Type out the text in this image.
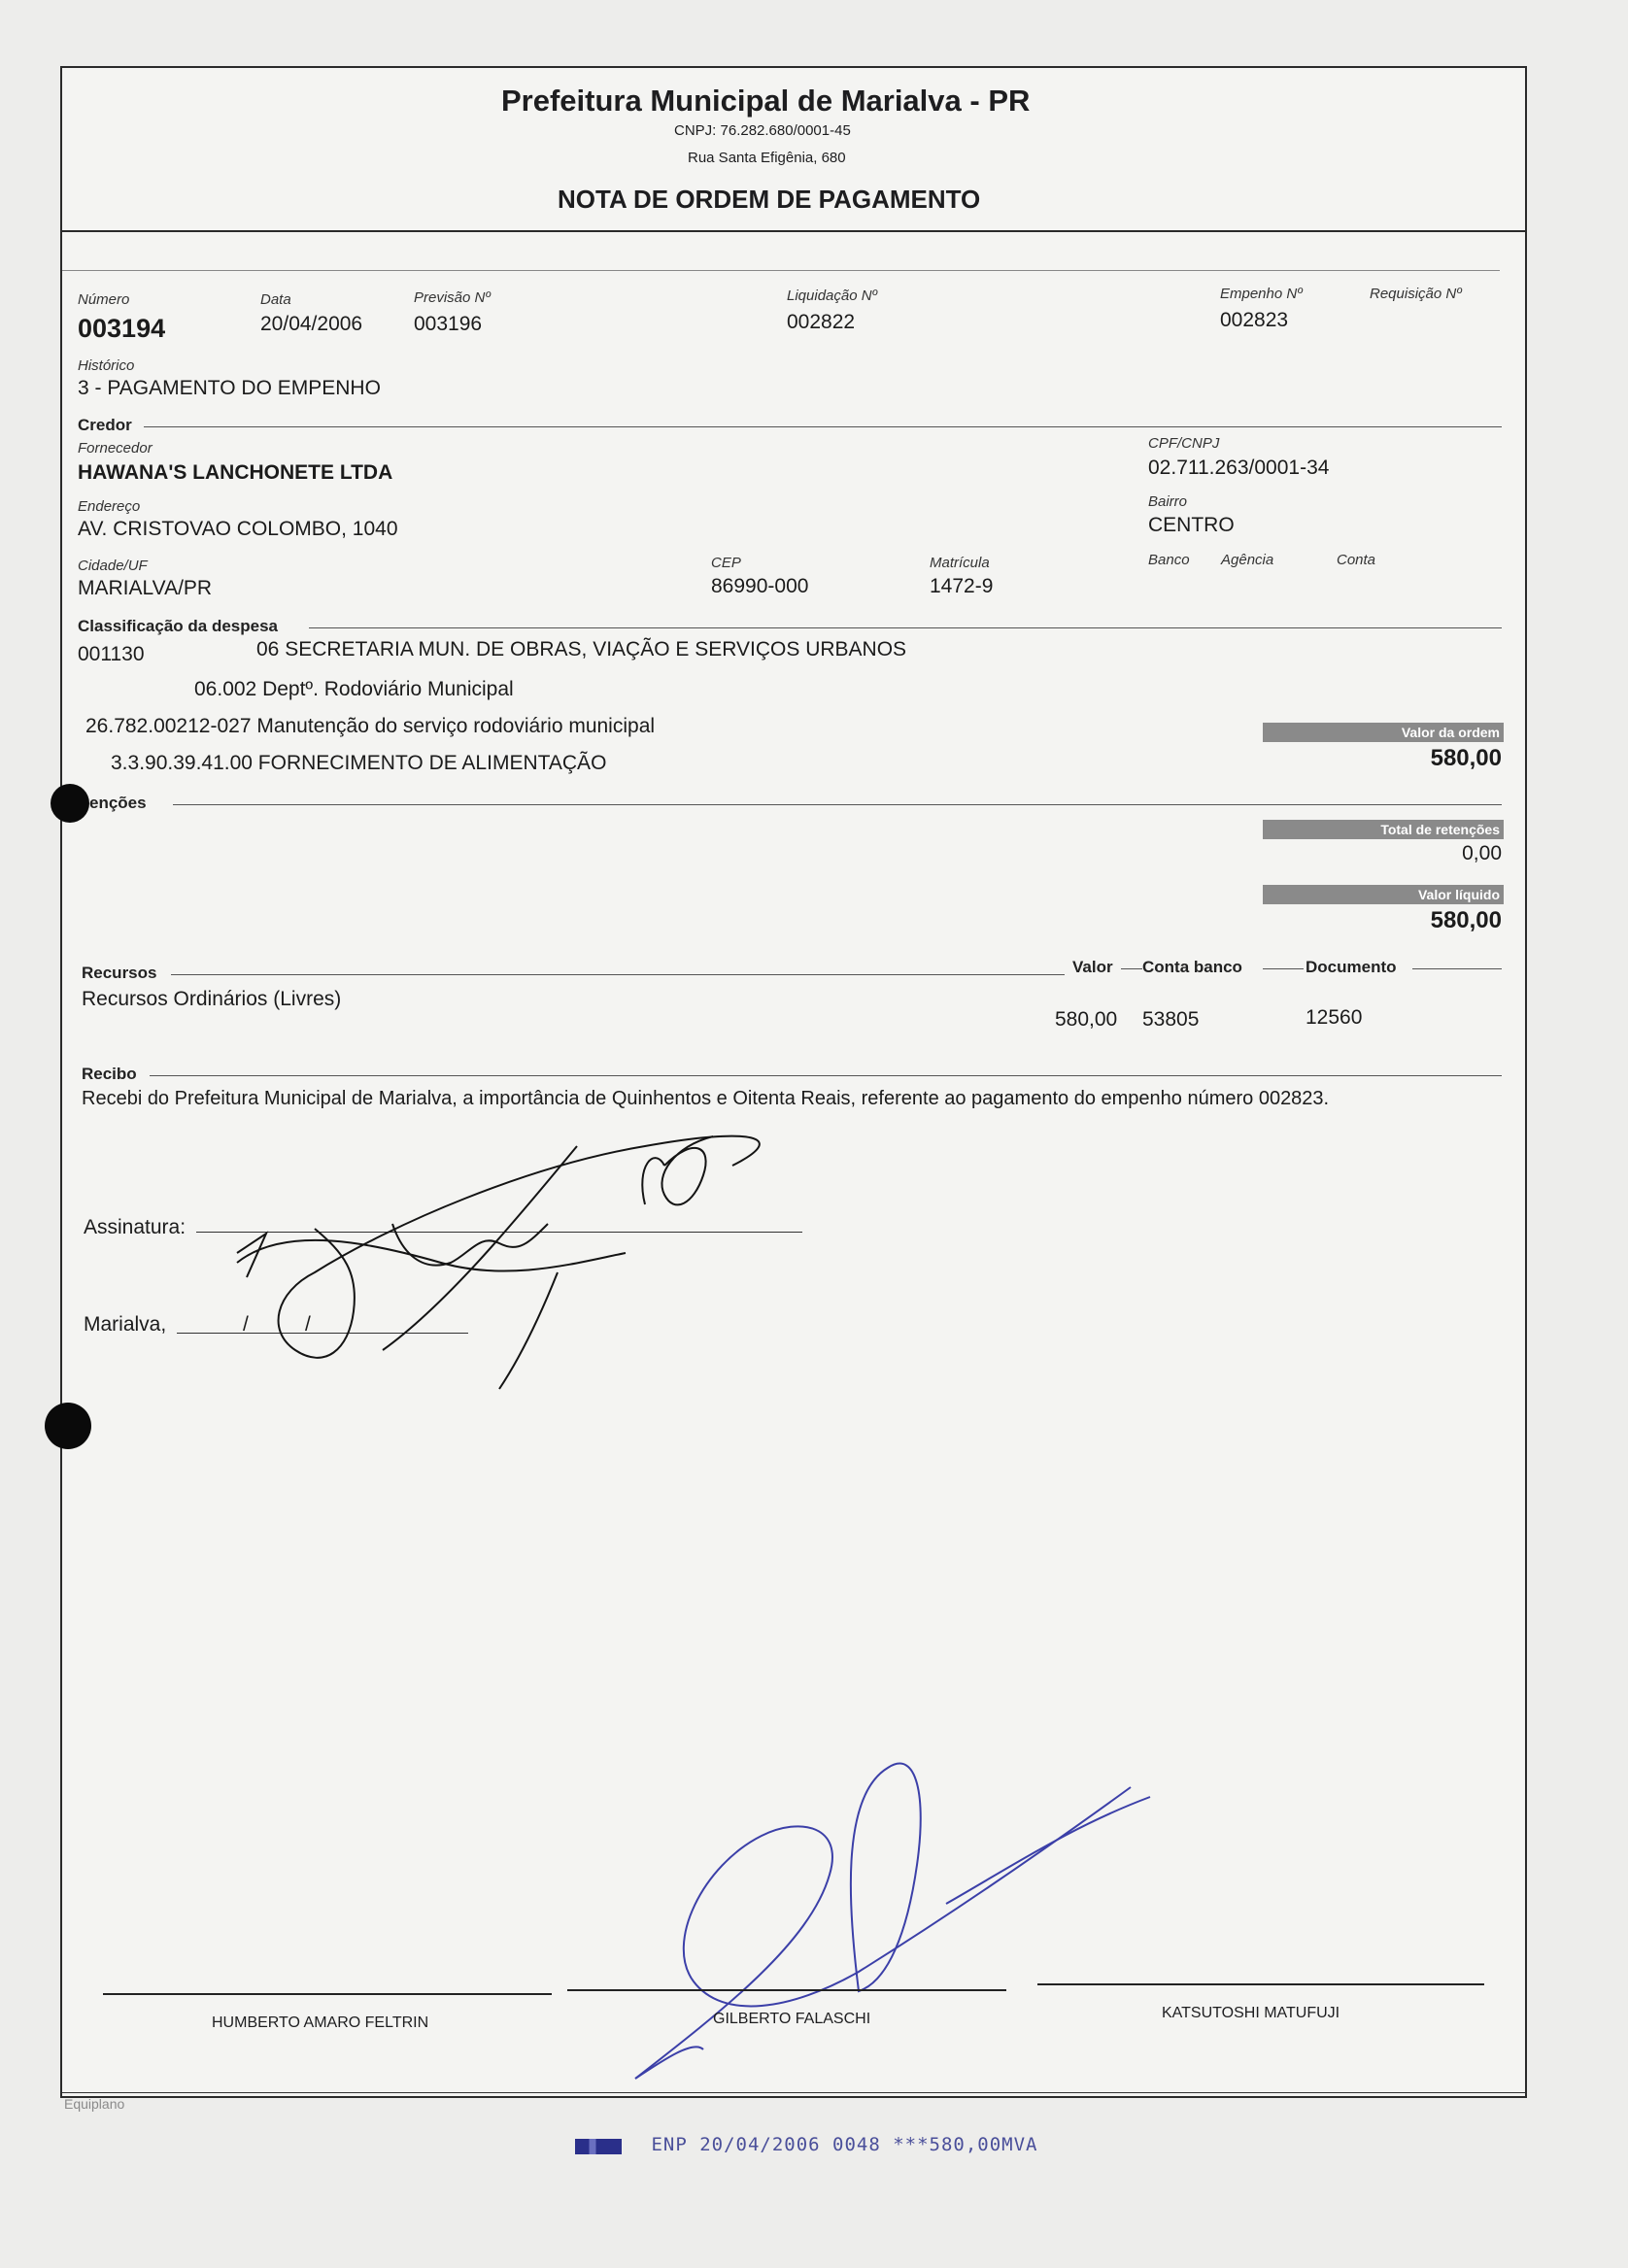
Prefeitura Municipal de Marialva - PR
CNPJ: 76.282.680/0001-45
Rua Santa Efigênia, 680
NOTA DE ORDEM DE PAGAMENTO
Número
003194
Data
20/04/2006
Previsão Nº
003196
Liquidação Nº
002822
Empenho Nº
002823
Requisição Nº
Histórico
3 - PAGAMENTO DO EMPENHO
Credor
Fornecedor
HAWANA'S LANCHONETE LTDA
CPF/CNPJ
02.711.263/0001-34
Endereço
AV. CRISTOVAO COLOMBO, 1040
Bairro
CENTRO
Cidade/UF
MARIALVA/PR
CEP
86990-000
Matrícula
1472-9
Banco Agência	Conta
Classificação da despesa
001130	06 SECRETARIA MUN. DE OBRAS, VIAÇÃO E SERVIÇOS URBANOS
06.002 Deptº. Rodoviário Municipal
26.782.00212-027 Manutenção do serviço rodoviário municipal
3.3.90.39.41.00 FORNECIMENTO DE ALIMENTAÇÃO
Valor da ordem
580,00
enções
Total de retenções
0,00
Valor líquido
580,00
Recursos	Valor Conta banco	Documento
Recursos Ordinários (Livres)
580,00 53805	12560
Recibo
Recebi do Prefeitura Municipal de Marialva, a importância de Quinhentos e Oitenta Reais, referente ao pagamento do empenho número 002823.
Assinatura:
Marialva,	/	/
HUMBERTO AMARO FELTRIN	GILBERTO FALASCHI	KATSUTOSHI MATUFUJI
Equiplano
ENP 20/04/2006 0048 ***580,00MVA
